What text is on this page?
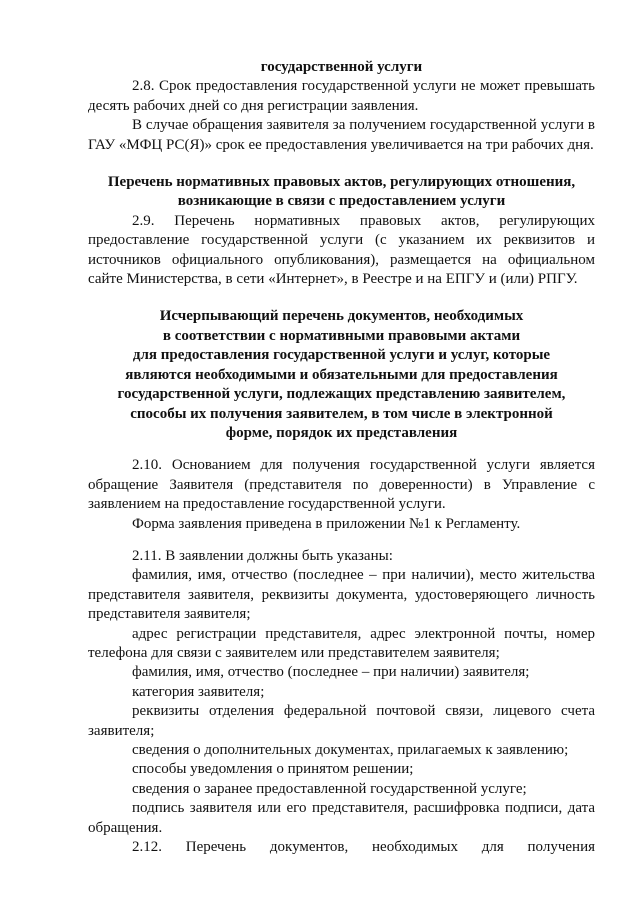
государственной услуги

2.8. Срок предоставления государственной услуги не может превышать десять рабочих дней со дня регистрации заявления.

В случае обращения заявителя за получением государственной услуги в ГАУ «МФЦ РС(Я)» срок ее предоставления увеличивается на три рабочих дня.

Перечень нормативных правовых актов, регулирующих отношения, возникающие в связи с предоставлением услуги

2.9. Перечень нормативных правовых актов, регулирующих предоставление государственной услуги (с указанием их реквизитов и источников официального опубликования), размещается на официальном сайте Министерства, в сети «Интернет», в Реестре и на ЕПГУ и (или) РПГУ.

Исчерпывающий перечень документов, необходимых
в соответствии с нормативными правовыми актами
для предоставления государственной услуги и услуг, которые
являются необходимыми и обязательными для предоставления
государственной услуги, подлежащих представлению заявителем,
способы их получения заявителем, в том числе в электронной
форме, порядок их представления

2.10. Основанием для получения государственной услуги является обращение Заявителя (представителя по доверенности) в Управление с заявлением на предоставление государственной услуги.

Форма заявления приведена в приложении №1 к Регламенту.

2.11. В заявлении должны быть указаны:

фамилия, имя, отчество (последнее – при наличии), место жительства представителя заявителя, реквизиты документа, удостоверяющего личность представителя заявителя;

адрес регистрации представителя, адрес электронной почты, номер телефона для связи с заявителем или представителем заявителя;

фамилия, имя, отчество (последнее – при наличии) заявителя;

категория заявителя;

реквизиты отделения федеральной почтовой связи, лицевого счета заявителя;

сведения о дополнительных документах, прилагаемых к заявлению;

способы уведомления о принятом решении;

сведения о заранее предоставленной государственной услуге;

подпись заявителя или его представителя, расшифровка подписи, дата обращения.

2.12. Перечень документов, необходимых для получения
